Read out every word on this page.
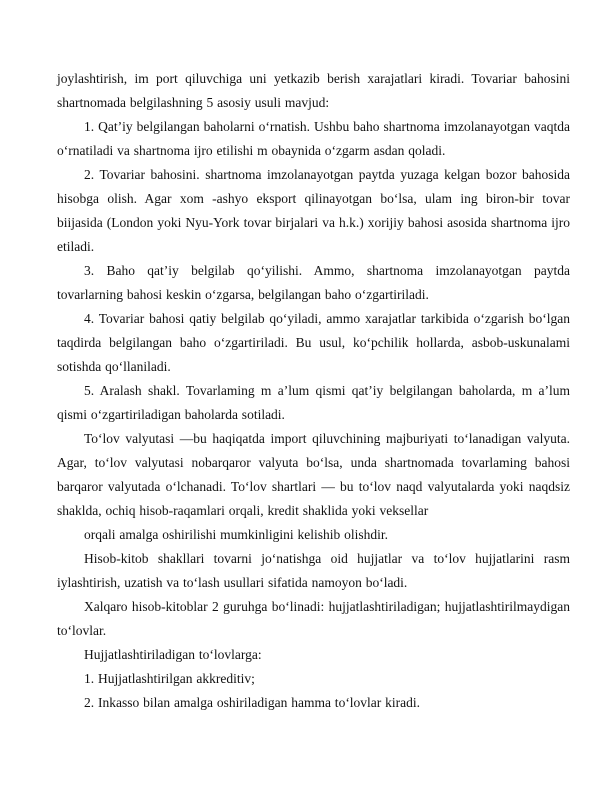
joylashtirish, im port qiluvchiga uni yetkazib berish xarajatlari kiradi. Tovariar bahosini shartnomada belgilashning 5 asosiy usuli mavjud:

1. Qat’iy belgilangan baholarni o‘rnatish. Ushbu baho shartnoma imzolanayotgan vaqtda o‘rnatiladi va shartnoma ijro etilishi m obaynida o‘zgarm asdan qoladi.

2. Tovariar bahosini. shartnoma imzolanayotgan paytda yuzaga kelgan bozor bahosida hisobga olish. Agar xom -ashyo eksport qilinayotgan bo‘lsa, ulam ing biron-bir tovar biijasida (London yoki Nyu-York tovar birjalari va h.k.) xorijiy bahosi asosida shartnoma ijro etiladi.

3. Baho qat’iy belgilab qo‘yilishi. Ammo, shartnoma imzolanayotgan paytda tovarlarning bahosi keskin o‘zgarsa, belgilangan baho o‘zgartiriladi.

4. Tovariar bahosi qatiy belgilab qo‘yiladi, ammo xarajatlar tarkibida o‘zgarish bo‘lgan taqdirda belgilangan baho o‘zgartiriladi. Bu usul, ko‘pchilik hollarda, asbob-uskunalami sotishda qo‘llaniladi.

5. Aralash shakl. Tovarlaming m a’lum qismi qat’iy belgilangan baholarda, m a’lum qismi o‘zgartiriladigan baholarda sotiladi.

To‘lov valyutasi —bu haqiqatda import qiluvchining majburiyati to‘lanadigan valyuta. Agar, to‘lov valyutasi nobarqaror valyuta bo‘lsa, unda shartnomada tovarlaming bahosi barqaror valyutada o‘lchanadi. To‘lov shartlari — bu to‘lov naqd valyutalarda yoki naqdsiz shaklda, ochiq hisob-raqamlari orqali, kredit shaklida yoki veksellar

orqali amalga oshirilishi mumkinligini kelishib olishdir.

Hisob-kitob shakllari tovarni jo‘natishga oid hujjatlar va to‘lov hujjatlarini rasm iylashtirish, uzatish va to‘lash usullari sifatida namoyon bo‘ladi.

Xalqaro hisob-kitoblar 2 guruhga bo‘linadi: hujjatlashtiriladigan; hujjatlashtirilmaydigan to‘lovlar.

Hujjatlashtiriladigan to‘lovlarga:

1. Hujjatlashtirilgan akkreditiv;

2. Inkasso bilan amalga oshiriladigan hamma to‘lovlar kiradi.
